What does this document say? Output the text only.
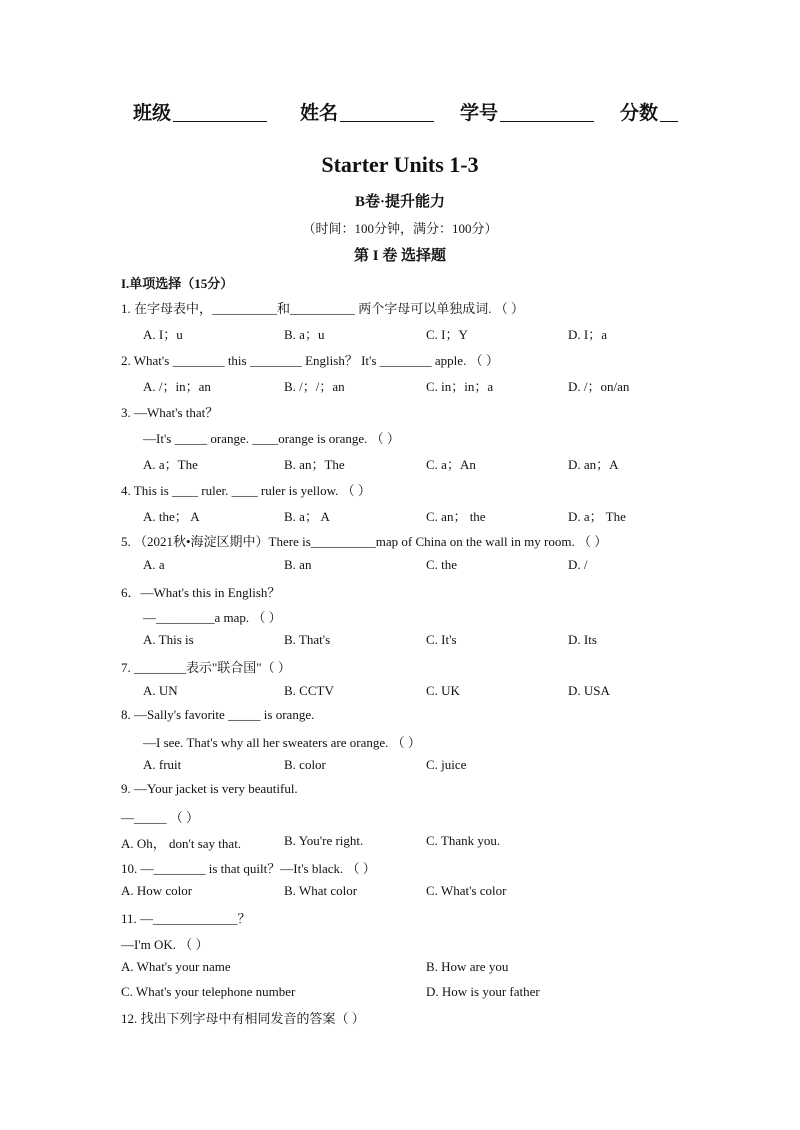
班级	姓名	学号	分数
Starter Units 1-3
B卷·提升能力
（时间：100分钟，满分：100分）
第 I 卷 选择题
I.单项选择（15分）
1. 在字母表中，__________和__________ 两个字母可以单独成词. （ ）
A. I；u	B. a；u	C. I；Y	D. I；a
2. What's ________ this ________ English？ It's ________ apple. （ ）
A. /；in；an	B. /；/；an	C. in；in；a	D. /；on/an
3. —What's that？
—It's _____ orange. ____orange is orange. （ ）
A. a；The	B. an；The	C. a；An	D. an；A
4. This is ____ ruler. ____ ruler is yellow. （ ）
A. the； A	B. a； A	C. an； the	D. a； The
5. （2021秋•海淀区期中）There is__________map of China on the wall in my room. （ ）
A. a	B. an	C. the	D. /
6．—What's this in English？
—_________a map. （ ）
A. This is	B. That's	C. It's	D. Its
7. ________表示"联合国"（ ）
A. UN	B. CCTV	C. UK	D. USA
8. —Sally's favorite _____ is orange.
—I see. That's why all her sweaters are orange. （ ）
A. fruit	B. color	C. juice
9. —Your jacket is very beautiful.
—_____ （ ）
A. Oh， don't say that.	B. You're right.	C. Thank you.
10. —________ is that quilt？—It's black. （ ）
A. How color	B. What color	C. What's color
11. —_____________？
—I'm OK. （ ）
A. What's your name	B. How are you
C. What's your telephone number	D. How is your father
12. 找出下列字母中有相同发音的答案（ ）
